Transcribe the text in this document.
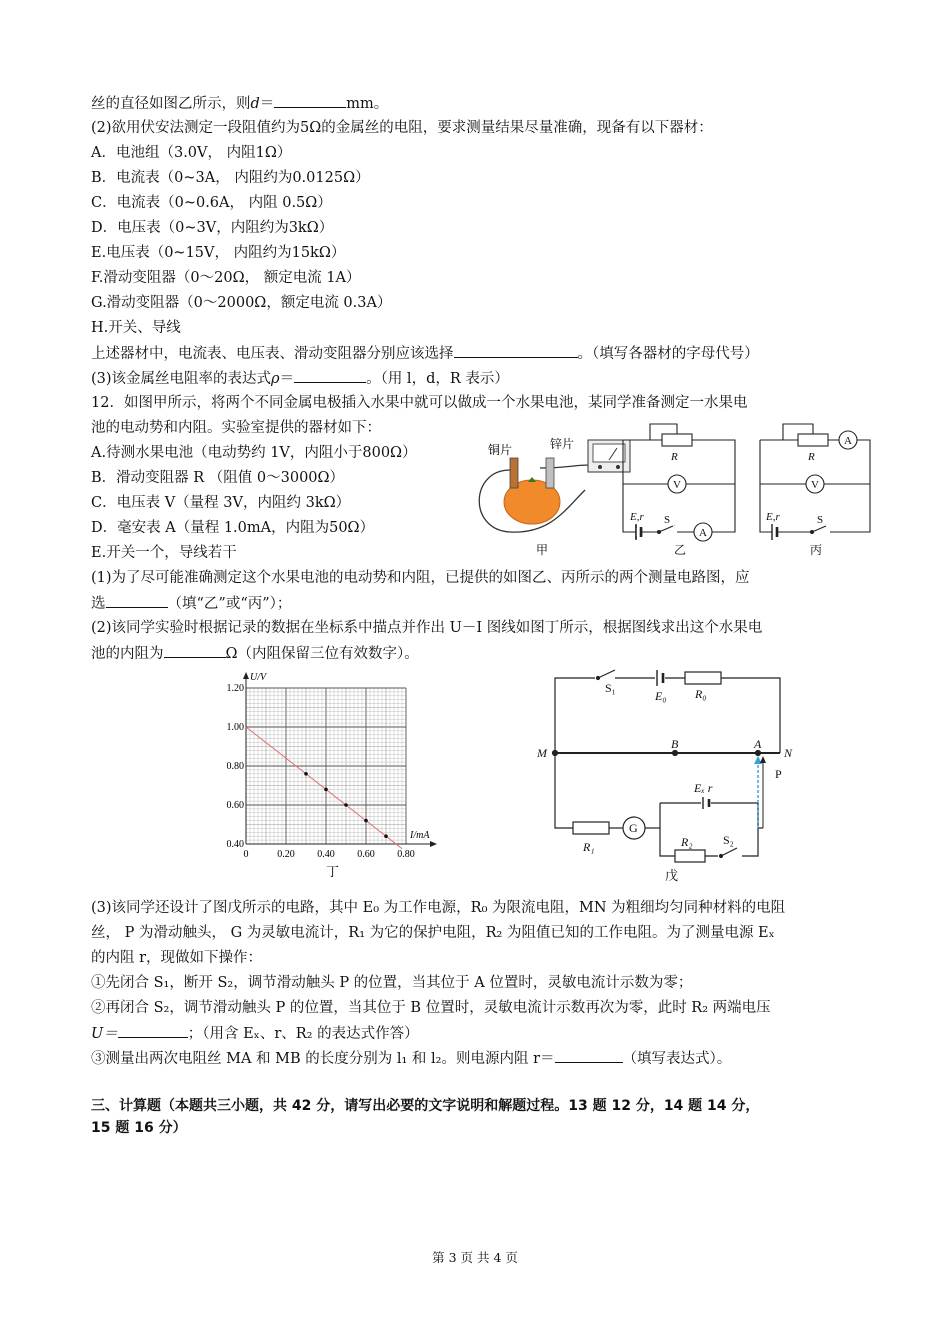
丝的直径如图乙所示，则d＝	mm。
(2)欲用伏安法测定一段阻值约为5Ω的金属丝的电阻，要求测量结果尽量准确，现备有以下器材：
A．电池组（3.0V， 内阻1Ω）
B．电流表（0~3A， 内阻约为0.0125Ω）
C．电流表（0~0.6A， 内阻 0.5Ω）
D．电压表（0~3V，内阻约为3kΩ）
E.电压表（0~15V， 内阻约为15kΩ）
F.滑动变阻器（0～20Ω， 额定电流 1A）
G.滑动变阻器（0～2000Ω，额定电流 0.3A）
H.开关、导线
上述器材中，电流表、电压表、滑动变阻器分别应该选择	。（填写各器材的字母代号）
(3)该金属丝电阻率的表达式ρ＝	。（用 l，d，R 表示）
12．如图甲所示，将两个不同金属电极插入水果中就可以做成一个水果电池，某同学准备测定一水果电
池的电动势和内阻。实验室提供的器材如下：
A.待测水果电池（电动势约 1V，内阻小于800Ω）
B．滑动变阻器 R （阻值 0～3000Ω）
C．电压表 V（量程 3V，内阻约 3kΩ）
D．毫安表 A（量程 1.0mA，内阻为50Ω）
E.开关一个，导线若干
铜片	锌片
甲
R
V
A
E,r S
乙
R
A
V
E,r	S
丙
(1)为了尽可能准确测定这个水果电池的电动势和内阻，已提供的如图乙、丙所示的两个测量电路图，应
选	（填“乙”或“丙”）；
(2)该同学实验时根据记录的数据在坐标系中描点并作出 U－I 图线如图丁所示，根据图线求出这个水果电
池的内阻为	Ω（内阻保留三位有效数字）。
0	0.20 0.40 0.60 0.80
0.40
0.60
0.80
1.00
1.20
U/V
I/mA
丁
S₁
E₀ R₀
M
B	A
N
P
Eₓ r
R₁
G
R₂	S₂
戊
(3)该同学还设计了图戊所示的电路，其中 E₀ 为工作电源，R₀ 为限流电阻，MN 为粗细均匀同种材料的电阻
丝， P 为滑动触头， G 为灵敏电流计，R₁ 为它的保护电阻，R₂ 为阻值已知的工作电阻。为了测量电源 Eₓ
的内阻 r，现做如下操作：
①先闭合 S₁，断开 S₂，调节滑动触头 P 的位置，当其位于 A 位置时，灵敏电流计示数为零；
②再闭合 S₂，调节滑动触头 P 的位置，当其位于 B 位置时，灵敏电流计示数再次为零，此时 R₂ 两端电压
U＝	；（用含 Eₓ、r、R₂ 的表达式作答）
③测量出两次电阻丝 MA 和 MB 的长度分别为 l₁ 和 l₂。则电源内阻 r＝	（填写表达式）。
三、计算题（本题共三小题，共 42 分，请写出必要的文字说明和解题过程。13 题 12 分，14 题 14 分，
15 题 16 分）
第 3 页 共 4 页
